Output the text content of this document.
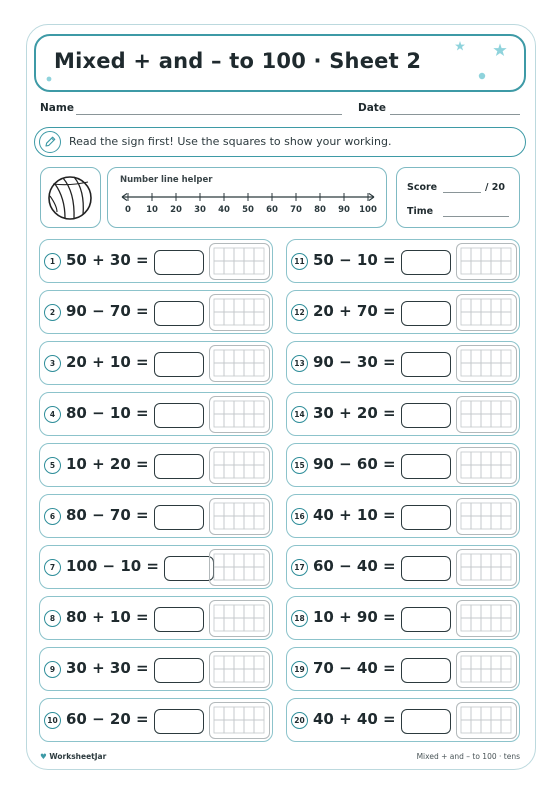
Mixed + and – to 100 · Sheet 2
Name	Date
Read the sign first! Use the squares to show your working.
Number line helper
0 10 20 30 40 50 60 70 80 90 100
Score	/ 20
Time
1 50 + 30 =
2 90 − 70 =
3 20 + 10 =
4 80 − 10 =
5 10 + 20 =
6 80 − 70 =
7 100 − 10 =
8 80 + 10 =
9 30 + 30 =
10 60 − 20 =
11 50 − 10 =
12 20 + 70 =
13 90 − 30 =
14 30 + 20 =
15 90 − 60 =
16 40 + 10 =
17 60 − 40 =
18 10 + 90 =
19 70 − 40 =
20 40 + 40 =
♥ WorksheetJar	Mixed + and – to 100 · tens
